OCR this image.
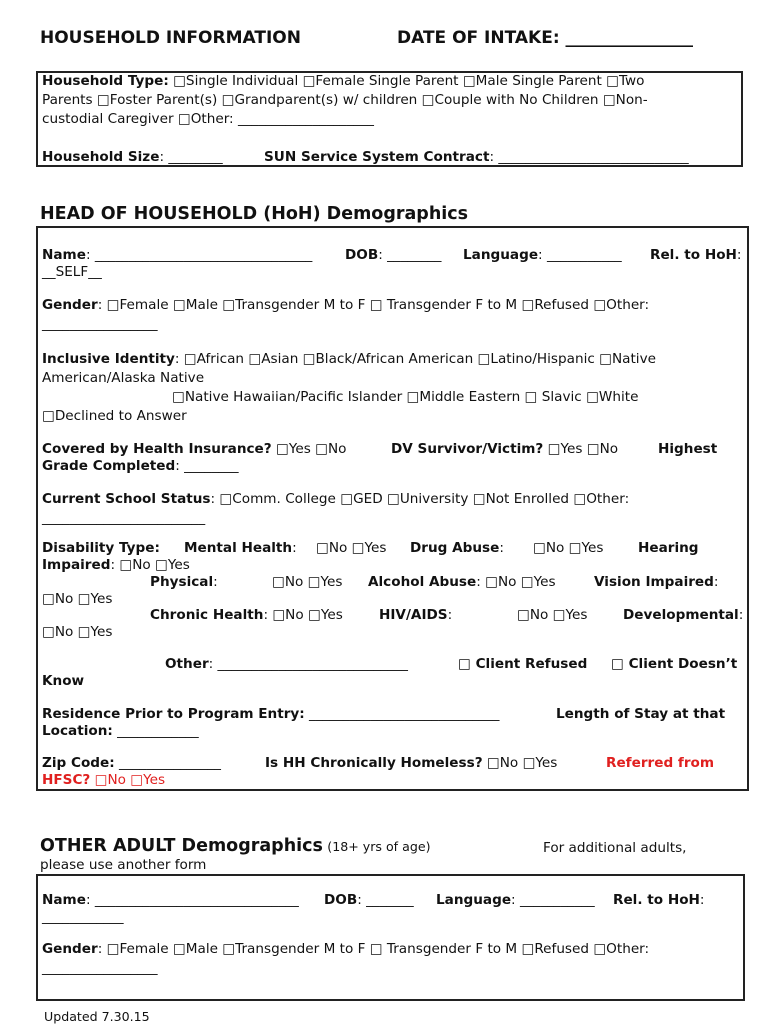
HOUSEHOLD INFORMATION	DATE OF INTAKE: _______________
Household Type: □Single Individual □Female Single Parent □Male Single Parent □Two
Parents □Foster Parent(s) □Grandparent(s) w/ children □Couple with No Children □Non-
custodial Caregiver □Other: ____________________
Household Size: ________	SUN Service System Contract: ____________________________
HEAD OF HOUSEHOLD (HoH) Demographics
Name: ________________________________ DOB: ________ Language: ___________ Rel. to HoH:
__SELF__
Gender: □Female □Male □Transgender M to F □ Transgender F to M □Refused □Other:
_________________
Inclusive Identity: □African □Asian □Black/African American □Latino/Hispanic □Native
American/Alaska Native
□Native Hawaiian/Pacific Islander □Middle Eastern □ Slavic □White
□Declined to Answer
Covered by Health Insurance? □Yes □No	DV Survivor/Victim? □Yes □No	Highest
Grade Completed: ________
Current School Status: □Comm. College □GED □University □Not Enrolled □Other:
________________________
Disability Type: Mental Health: □No □Yes Drug Abuse: □No □Yes	Hearing
Impaired: □No □Yes
Physical:	□No □Yes Alcohol Abuse: □No □Yes	Vision Impaired:
□No □Yes
Chronic Health: □No □Yes	HIV/AIDS:	□No □Yes	Developmental:
□No □Yes
Other: ____________________________	□ Client Refused □ Client Doesn’t
Know
Residence Prior to Program Entry: ____________________________	Length of Stay at that
Location: ____________
Zip Code: _______________	Is HH Chronically Homeless? □No □Yes	Referred from
HFSC? □No □Yes
OTHER ADULT Demographics (18+ yrs of age)	For additional adults,
please use another form
Name: ______________________________ DOB: _______ Language: ___________ Rel. to HoH:
____________
Gender: □Female □Male □Transgender M to F □ Transgender F to M □Refused □Other:
_________________
Updated 7.30.15
